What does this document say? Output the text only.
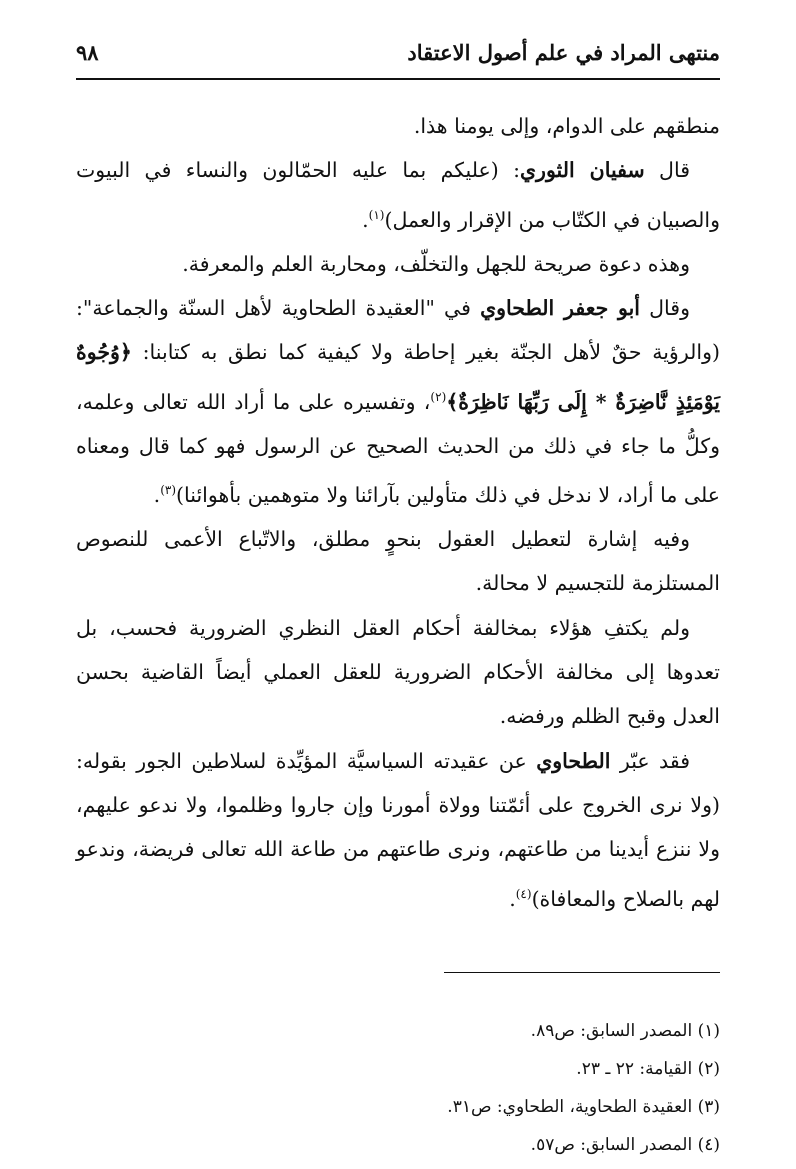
منتهى المراد في علم أصول الاعتقاد
٩٨

منطقهم على الدوام، وإلى يومنا هذا.

قال سفيان الثوري: (عليكم بما عليه الحمّالون والنساء في البيوت والصبيان في الكتّاب من الإقرار والعمل)$^{(١)}$.

وهذه دعوة صريحة للجهل والتخلّف، ومحاربة العلم والمعرفة.

وقال أبو جعفر الطحاوي في "العقيدة الطحاوية لأهل السنّة والجماعة": (والرؤية حقٌ لأهل الجنّة بغير إحاطة ولا كيفية كما نطق به كتابنا: ﴿وُجُوهٌ يَوْمَئِذٍ نَّاضِرَةٌ * إِلَى رَبِّهَا نَاظِرَةٌ﴾$^{(٢)}$، وتفسيره على ما أراد الله تعالى وعلمه، وكلُّ ما جاء في ذلك من الحديث الصحيح عن الرسول فهو كما قال ومعناه على ما أراد، لا ندخل في ذلك متأولين بآرائنا ولا متوهمين بأهوائنا)$^{(٣)}$.

وفيه إشارة لتعطيل العقول بنحوٍ مطلق، والاتّباع الأعمى للنصوص المستلزمة للتجسيم لا محالة.

ولم يكتفِ هؤلاء بمخالفة أحكام العقل النظري الضرورية فحسب، بل تعدوها إلى مخالفة الأحكام الضرورية للعقل العملي أيضاً القاضية بحسن العدل وقبح الظلم ورفضه.

فقد عبّر الطحاوي عن عقيدته السياسيَّة المؤيِّدة لسلاطين الجور بقوله: (ولا نرى الخروج على أئمّتنا وولاة أمورنا وإن جاروا وظلموا، ولا ندعو عليهم، ولا ننزع أيدينا من طاعتهم، ونرى طاعتهم من طاعة الله تعالى فريضة، وندعو لهم بالصلاح والمعافاة)$^{(٤)}$.

(١) المصدر السابق: ص٨٩.

(٢) القيامة: ٢٢ ـ ٢٣.

(٣) العقيدة الطحاوية، الطحاوي: ص٣١.

(٤) المصدر السابق: ص٥٧.
